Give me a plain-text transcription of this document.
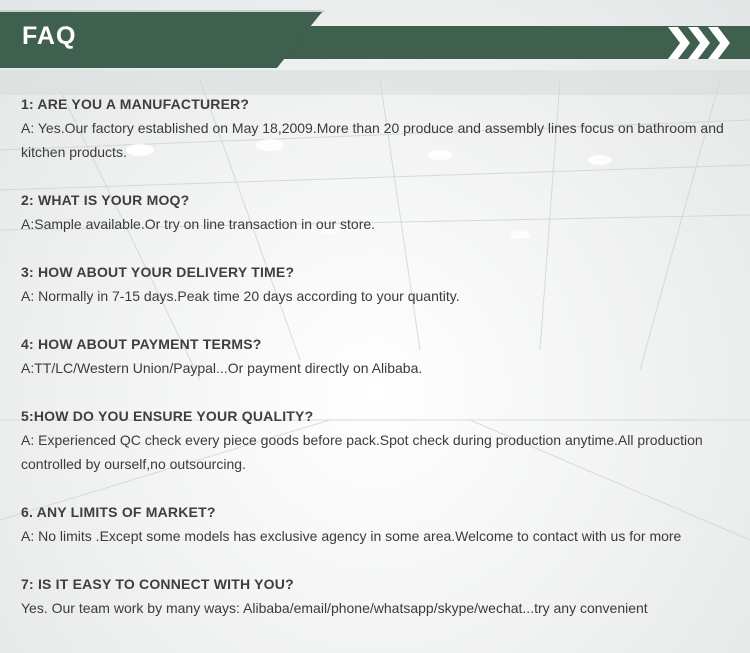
FAQ
1: ARE YOU A MANUFACTURER?
A: Yes.Our factory established on May 18,2009.More than 20 produce and assembly lines focus on bathroom and kitchen products.
2: WHAT IS YOUR MOQ?
A:Sample available.Or try on line transaction in our store.
3: HOW ABOUT YOUR DELIVERY TIME?
A: Normally in 7-15 days.Peak time 20 days according to your quantity.
4: HOW ABOUT PAYMENT TERMS?
A:TT/LC/Western Union/Paypal...Or payment directly on Alibaba.
5:HOW DO YOU ENSURE YOUR QUALITY?
A: Experienced QC check every piece goods before pack.Spot check during production anytime.All production controlled by ourself,no outsourcing.
6. ANY LIMITS OF MARKET?
A: No limits .Except some models has exclusive agency in some area.Welcome to contact with us for more
7: IS IT EASY TO CONNECT WITH YOU?
Yes. Our team work by many ways: Alibaba/email/phone/whatsapp/skype/wechat...try any convenient
